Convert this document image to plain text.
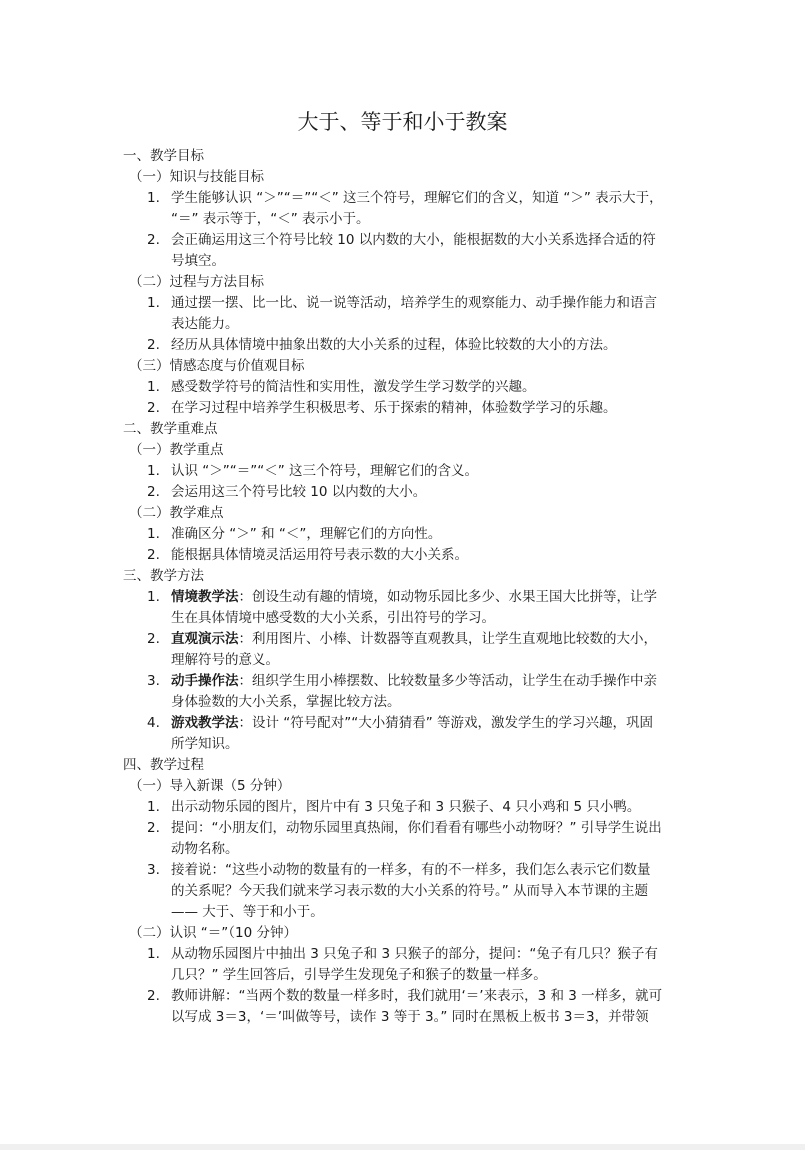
大于、等于和小于教案
一、教学目标
（一）知识与技能目标
1. 学生能够认识 “＞”“＝”“＜” 这三个符号，理解它们的含义，知道 “＞” 表示大于，
“＝” 表示等于，“＜” 表示小于。
2. 会正确运用这三个符号比较 10 以内数的大小，能根据数的大小关系选择合适的符
号填空。
（二）过程与方法目标
1. 通过摆一摆、比一比、说一说等活动，培养学生的观察能力、动手操作能力和语言
表达能力。
2. 经历从具体情境中抽象出数的大小关系的过程，体验比较数的大小的方法。
（三）情感态度与价值观目标
1. 感受数学符号的简洁性和实用性，激发学生学习数学的兴趣。
2. 在学习过程中培养学生积极思考、乐于探索的精神，体验数学学习的乐趣。
二、教学重难点
（一）教学重点
1. 认识 “＞”“＝”“＜” 这三个符号，理解它们的含义。
2. 会运用这三个符号比较 10 以内数的大小。
（二）教学难点
1. 准确区分 “＞” 和 “＜”，理解它们的方向性。
2. 能根据具体情境灵活运用符号表示数的大小关系。
三、教学方法
1. 情境教学法：创设生动有趣的情境，如动物乐园比多少、水果王国大比拼等，让学
生在具体情境中感受数的大小关系，引出符号的学习。
2. 直观演示法：利用图片、小棒、计数器等直观教具，让学生直观地比较数的大小，
理解符号的意义。
3. 动手操作法：组织学生用小棒摆数、比较数量多少等活动，让学生在动手操作中亲
身体验数的大小关系，掌握比较方法。
4. 游戏教学法：设计 “符号配对”“大小猜猜看” 等游戏，激发学生的学习兴趣，巩固
所学知识。
四、教学过程
（一）导入新课（5 分钟）
1. 出示动物乐园的图片，图片中有 3 只兔子和 3 只猴子、4 只小鸡和 5 只小鸭。
2. 提问：“小朋友们，动物乐园里真热闹，你们看看有哪些小动物呀？” 引导学生说出
动物名称。
3. 接着说：“这些小动物的数量有的一样多，有的不一样多，我们怎么表示它们数量
的关系呢？今天我们就来学习表示数的大小关系的符号。” 从而导入本节课的主题
—— 大于、等于和小于。
（二）认识 “＝”（10 分钟）
1. 从动物乐园图片中抽出 3 只兔子和 3 只猴子的部分，提问：“兔子有几只？猴子有
几只？” 学生回答后，引导学生发现兔子和猴子的数量一样多。
2. 教师讲解：“当两个数的数量一样多时，我们就用‘＝’来表示，3 和 3 一样多，就可
以写成 3＝3，‘＝’叫做等号，读作 3 等于 3。” 同时在黑板上板书 3＝3，并带领
